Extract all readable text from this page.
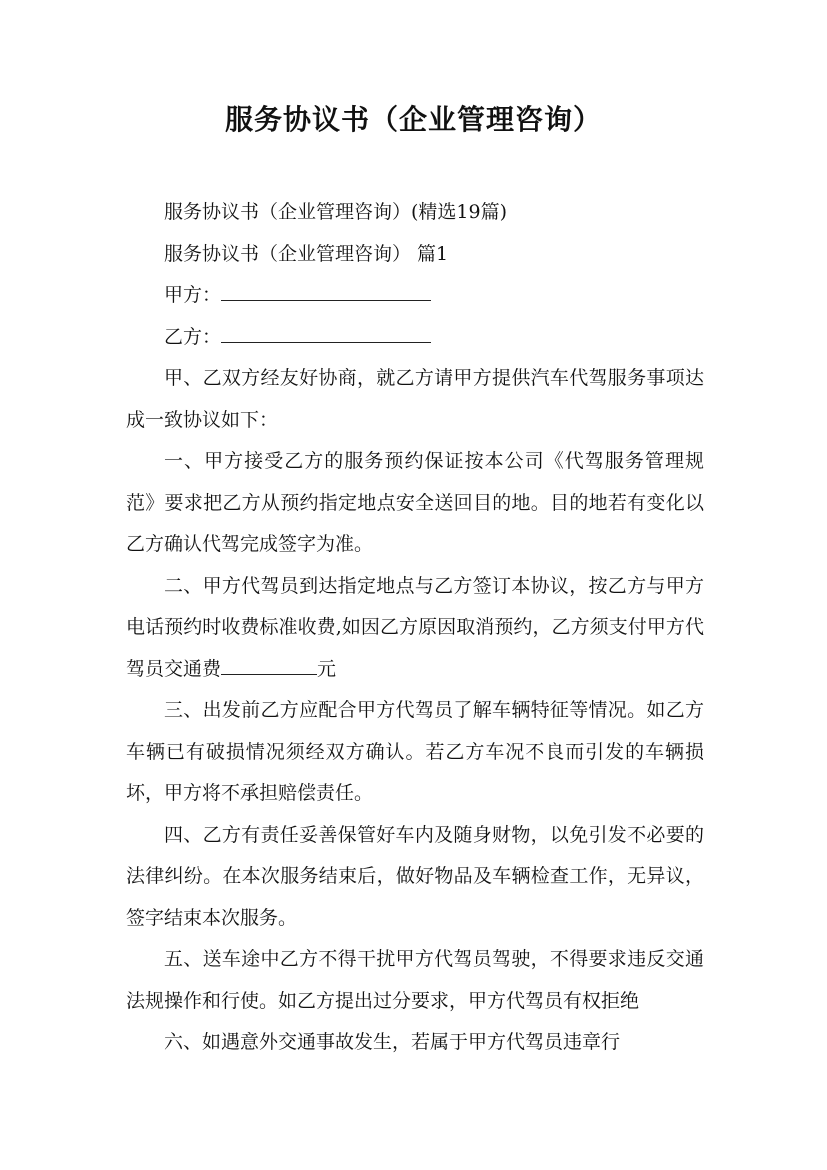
服务协议书（企业管理咨询）

服务协议书（企业管理咨询）(精选19篇)

服务协议书（企业管理咨询） 篇1

甲方：

乙方：

甲、乙双方经友好协商，就乙方请甲方提供汽车代驾服务事项达成一致协议如下：

一、甲方接受乙方的服务预约保证按本公司《代驾服务管理规范》要求把乙方从预约指定地点安全送回目的地。目的地若有变化以乙方确认代驾完成签字为准。

二、甲方代驾员到达指定地点与乙方签订本协议，按乙方与甲方电话预约时收费标准收费,如因乙方原因取消预约，乙方须支付甲方代驾员交通费	元

三、出发前乙方应配合甲方代驾员了解车辆特征等情况。如乙方车辆已有破损情况须经双方确认。若乙方车况不良而引发的车辆损坏，甲方将不承担赔偿责任。

四、乙方有责任妥善保管好车内及随身财物，以免引发不必要的法律纠纷。在本次服务结束后，做好物品及车辆检查工作，无异议，签字结束本次服务。

五、送车途中乙方不得干扰甲方代驾员驾驶，不得要求违反交通法规操作和行使。如乙方提出过分要求，甲方代驾员有权拒绝

六、如遇意外交通事故发生，若属于甲方代驾员违章行
